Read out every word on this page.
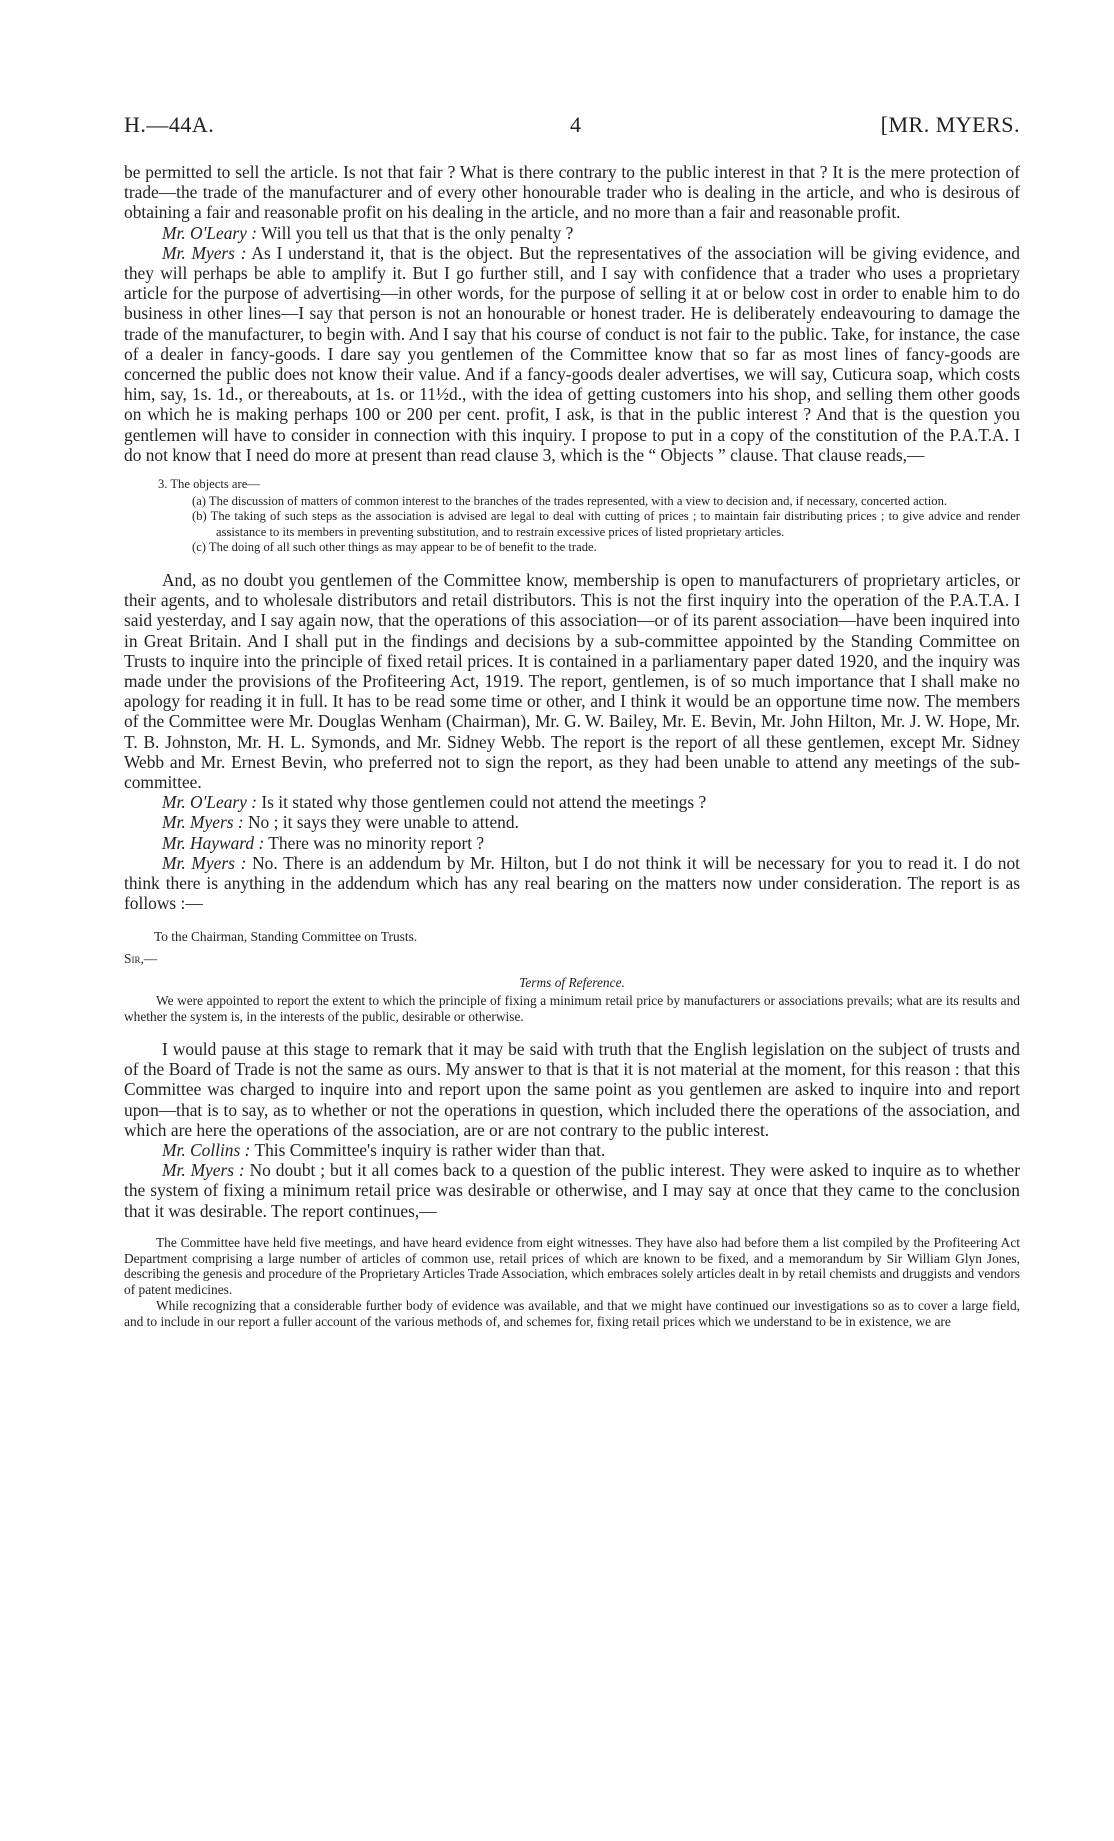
H.—44A.	4	[MR. MYERS.

be permitted to sell the article. Is not that fair ? What is there contrary to the public interest in that ? It is the mere protection of trade—the trade of the manufacturer and of every other honourable trader who is dealing in the article, and who is desirous of obtaining a fair and reasonable profit on his dealing in the article, and no more than a fair and reasonable profit.

Mr. O'Leary : Will you tell us that that is the only penalty ?

Mr. Myers : As I understand it, that is the object. But the representatives of the association will be giving evidence, and they will perhaps be able to amplify it. But I go further still, and I say with confidence that a trader who uses a proprietary article for the purpose of advertising—in other words, for the purpose of selling it at or below cost in order to enable him to do business in other lines—I say that person is not an honourable or honest trader. He is deliberately endeavouring to damage the trade of the manufacturer, to begin with. And I say that his course of conduct is not fair to the public. Take, for instance, the case of a dealer in fancy-goods. I dare say you gentlemen of the Committee know that so far as most lines of fancy-goods are concerned the public does not know their value. And if a fancy-goods dealer advertises, we will say, Cuticura soap, which costs him, say, 1s. 1d., or thereabouts, at 1s. or 11½d., with the idea of getting customers into his shop, and selling them other goods on which he is making perhaps 100 or 200 per cent. profit, I ask, is that in the public interest ? And that is the question you gentlemen will have to consider in connection with this inquiry. I propose to put in a copy of the constitution of the P.A.T.A. I do not know that I need do more at present than read clause 3, which is the “ Objects ” clause. That clause reads,—

3. The objects are—
(a) The discussion of matters of common interest to the branches of the trades represented, with a view to decision and, if necessary, concerted action.
(b) The taking of such steps as the association is advised are legal to deal with cutting of prices ; to maintain fair distributing prices ; to give advice and render assistance to its members in preventing substitution, and to restrain excessive prices of listed proprietary articles.
(c) The doing of all such other things as may appear to be of benefit to the trade.

And, as no doubt you gentlemen of the Committee know, membership is open to manufacturers of proprietary articles, or their agents, and to wholesale distributors and retail distributors. This is not the first inquiry into the operation of the P.A.T.A. I said yesterday, and I say again now, that the operations of this association—or of its parent association—have been inquired into in Great Britain. And I shall put in the findings and decisions by a sub-committee appointed by the Standing Committee on Trusts to inquire into the principle of fixed retail prices. It is contained in a parliamentary paper dated 1920, and the inquiry was made under the provisions of the Profiteering Act, 1919. The report, gentlemen, is of so much importance that I shall make no apology for reading it in full. It has to be read some time or other, and I think it would be an opportune time now. The members of the Committee were Mr. Douglas Wenham (Chairman), Mr. G. W. Bailey, Mr. E. Bevin, Mr. John Hilton, Mr. J. W. Hope, Mr. T. B. Johnston, Mr. H. L. Symonds, and Mr. Sidney Webb. The report is the report of all these gentlemen, except Mr. Sidney Webb and Mr. Ernest Bevin, who preferred not to sign the report, as they had been unable to attend any meetings of the sub-committee.

Mr. O'Leary : Is it stated why those gentlemen could not attend the meetings ?

Mr. Myers : No ; it says they were unable to attend.

Mr. Hayward : There was no minority report ?

Mr. Myers : No. There is an addendum by Mr. Hilton, but I do not think it will be necessary for you to read it. I do not think there is anything in the addendum which has any real bearing on the matters now under consideration. The report is as follows :—

To the Chairman, Standing Committee on Trusts.
Sir,—
Terms of Reference.
We were appointed to report the extent to which the principle of fixing a minimum retail price by manufacturers or associations prevails; what are its results and whether the system is, in the interests of the public, desirable or otherwise.

I would pause at this stage to remark that it may be said with truth that the English legislation on the subject of trusts and of the Board of Trade is not the same as ours. My answer to that is that it is not material at the moment, for this reason : that this Committee was charged to inquire into and report upon the same point as you gentlemen are asked to inquire into and report upon—that is to say, as to whether or not the operations in question, which included there the operations of the association, and which are here the operations of the association, are or are not contrary to the public interest.

Mr. Collins : This Committee's inquiry is rather wider than that.

Mr. Myers : No doubt ; but it all comes back to a question of the public interest. They were asked to inquire as to whether the system of fixing a minimum retail price was desirable or otherwise, and I may say at once that they came to the conclusion that it was desirable. The report continues,—

The Committee have held five meetings, and have heard evidence from eight witnesses. They have also had before them a list compiled by the Profiteering Act Department comprising a large number of articles of common use, retail prices of which are known to be fixed, and a memorandum by Sir William Glyn Jones, describing the genesis and procedure of the Proprietary Articles Trade Association, which embraces solely articles dealt in by retail chemists and druggists and vendors of patent medicines.
While recognizing that a considerable further body of evidence was available, and that we might have continued our investigations so as to cover a large field, and to include in our report a fuller account of the various methods of, and schemes for, fixing retail prices which we understand to be in existence, we are
